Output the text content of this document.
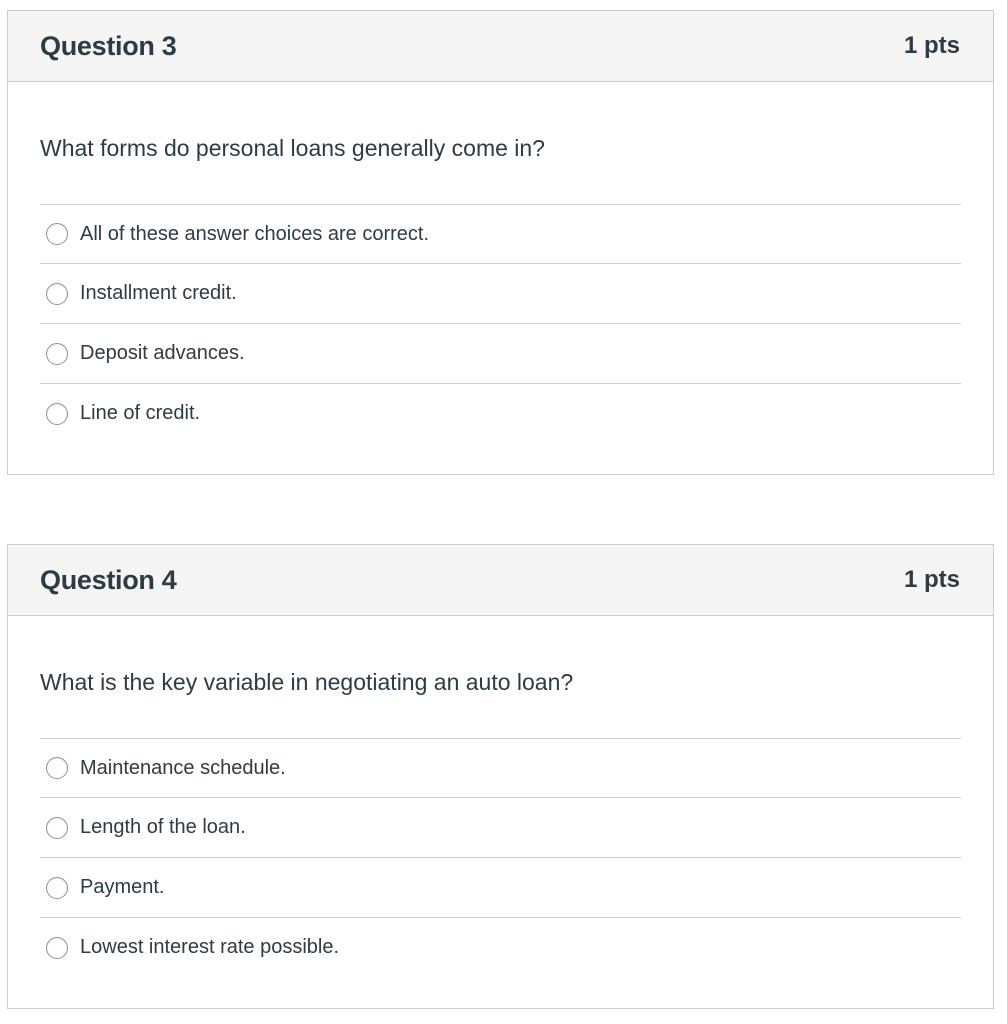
Question 3	1 pts
What forms do personal loans generally come in?
All of these answer choices are correct.
Installment credit.
Deposit advances.
Line of credit.
Question 4	1 pts
What is the key variable in negotiating an auto loan?
Maintenance schedule.
Length of the loan.
Payment.
Lowest interest rate possible.
